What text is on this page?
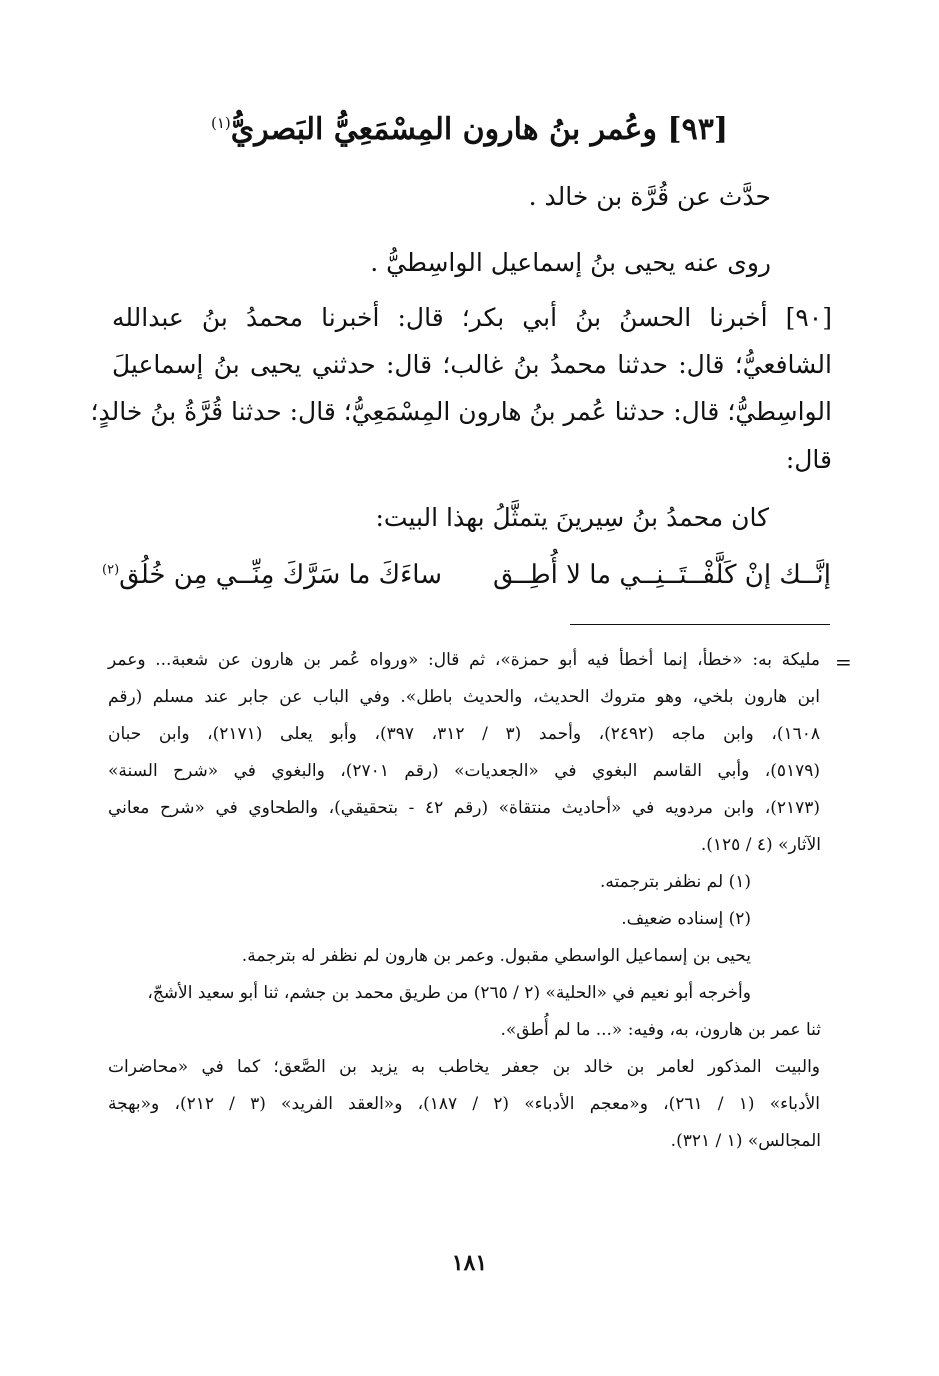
[٩٣] وعُمر بنُ هارون المِسْمَعِيُّ البَصريُّ$^{(١)}$
حدَّث عن قُرَّة بن خالد .
روى عنه يحيى بنُ إسماعيل الواسِطيُّ .
[٩٠] أخبرنا الحسنُ بنُ أبي بكر؛ قال: أخبرنا محمدُ بنُ عبدالله
الشافعيُّ؛ قال: حدثنا محمدُ بنُ غالب؛ قال: حدثني يحيى بنُ إسماعيلَ
الواسِطيُّ؛ قال: حدثنا عُمر بنُ هارون المِسْمَعِيُّ؛ قال: حدثنا قُرَّةُ بنُ خالدٍ؛
قال:
كان محمدُ بنُ سِيرينَ يتمثَّلُ بهذا البيت:
إنَّــك إنْ كَلَّفْــتَــنِــي ما لا أُطِــق
ساءَكَ ما سَرَّكَ مِنِّــي مِن خُلُق$^{(٢)}$
=
مليكة به: «خطأ، إنما أخطأ فيه أبو حمزة»، ثم قال: «ورواه عُمر بن هارون عن شعبة... وعمر
ابن هارون بلخي، وهو متروك الحديث، والحديث باطل». وفي الباب عن جابر عند مسلم (رقم
١٦٠٨)، وابن ماجه (٢٤٩٢)، وأحمد (٣ / ٣١٢، ٣٩٧)، وأبو يعلى (٢١٧١)، وابن حبان
(٥١٧٩)، وأبي القاسم البغوي في «الجعديات» (رقم ٢٧٠١)، والبغوي في «شرح السنة»
(٢١٧٣)، وابن مردويه في «أحاديث منتقاة» (رقم ٤٢ - بتحقيقي)، والطحاوي في «شرح معاني
الآثار» (٤ / ١٢٥).
(١) لم نظفر بترجمته.
(٢) إسناده ضعيف.
يحيى بن إسماعيل الواسطي مقبول. وعمر بن هارون لم نظفر له بترجمة.
وأخرجه أبو نعيم في «الحلية» (٢ / ٢٦٥) من طريق محمد بن جشم، ثنا أبو سعيد الأشجّ،
ثنا عمر بن هارون، به، وفيه: «... ما لم أُطق».
والبيت المذكور لعامر بن خالد بن جعفر يخاطب به يزيد بن الصَّعق؛ كما في «محاضرات
الأدباء» (١ / ٢٦١)، و«معجم الأدباء» (٢ / ١٨٧)، و«العقد الفريد» (٣ / ٢١٢)، و«بهجة
المجالس» (١ / ٣٢١).
١٨١
